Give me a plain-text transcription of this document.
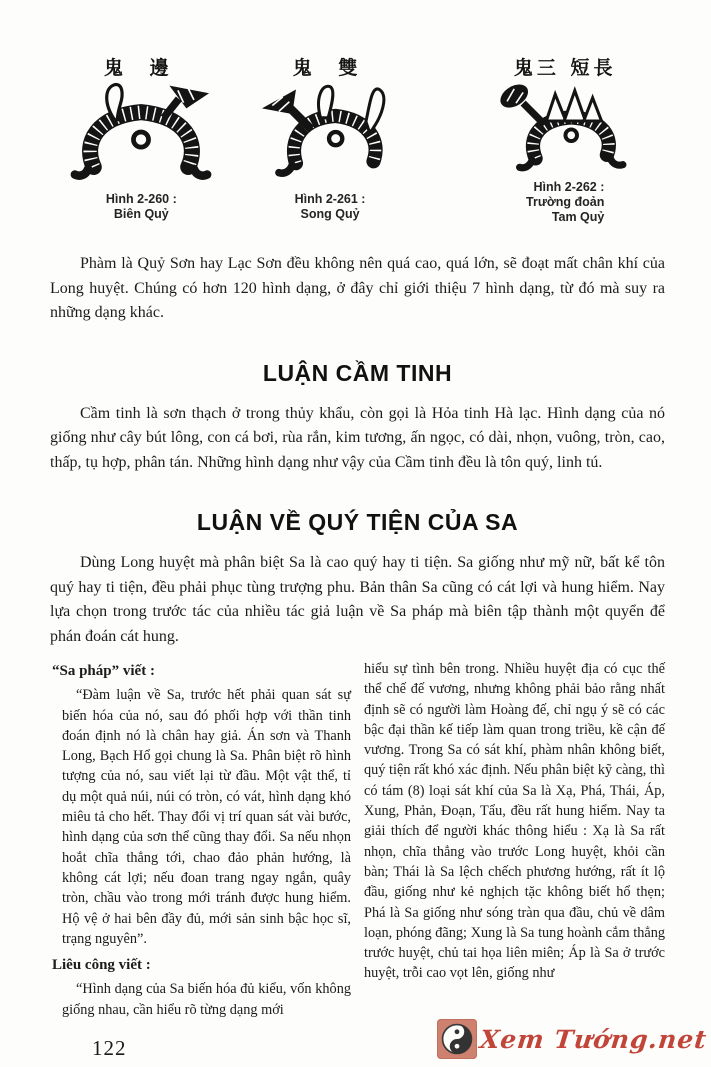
鬼 邊
Hình 2-260 :
Biên Quỷ
鬼 雙
Hình 2-261 :
Song Quỷ
鬼三 短長
Hình 2-262 :
Trường đoản
Tam Quỷ

Phàm là Quỷ Sơn hay Lạc Sơn đều không nên quá cao, quá lớn, sẽ đoạt mất chân khí của Long huyệt. Chúng có hơn 120 hình dạng, ở đây chỉ giới thiệu 7 hình dạng, từ đó mà suy ra những dạng khác.

LUẬN CẦM TINH

Cầm tinh là sơn thạch ở trong thủy khẩu, còn gọi là Hỏa tinh Hà lạc. Hình dạng của nó giống như cây bút lông, con cá bơi, rùa rắn, kim tương, ấn ngọc, có dài, nhọn, vuông, tròn, cao, thấp, tụ hợp, phân tán. Những hình dạng như vậy của Cầm tinh đều là tôn quý, linh tú.

LUẬN VỀ QUÝ TIỆN CỦA SA

Dùng Long huyệt mà phân biệt Sa là cao quý hay ti tiện. Sa giống như mỹ nữ, bất kể tôn quý hay ti tiện, đều phải phục tùng trượng phu. Bản thân Sa cũng có cát lợi và hung hiểm. Nay lựa chọn trong trước tác của nhiều tác giả luận về Sa pháp mà biên tập thành một quyển để phán đoán cát hung.

“Sa pháp” viết :

“Đàm luận về Sa, trước hết phải quan sát sự biến hóa của nó, sau đó phối hợp với thần tinh đoán định nó là chân hay giả. Án sơn và Thanh Long, Bạch Hổ gọi chung là Sa. Phân biệt rõ hình tượng của nó, sau viết lại từ đầu. Một vật thể, tỉ dụ một quả núi, núi có tròn, có vát, hình dạng khó miêu tả cho hết. Thay đổi vị trí quan sát vài bước, hình dạng của sơn thể cũng thay đổi. Sa nếu nhọn hoắt chĩa thẳng tới, chao đảo phản hướng, là không cát lợi; nếu đoan trang ngay ngắn, quây tròn, chầu vào trong mới tránh được hung hiểm. Hộ vệ ở hai bên đầy đủ, mới sản sinh bậc học sĩ, trạng nguyên”.

Liêu công viết :

“Hình dạng của Sa biến hóa đủ kiểu, vốn không giống nhau, cần hiểu rõ từng dạng mới

hiểu sự tình bên trong. Nhiều huyệt địa có cục thế thể chế đế vương, nhưng không phải bảo rằng nhất định sẽ có người làm Hoàng đế, chỉ ngụ ý sẽ có các bậc đại thần kế tiếp làm quan trong triều, kề cận đế vương. Trong Sa có sát khí, phàm nhân không biết, quý tiện rất khó xác định. Nếu phân biệt kỹ càng, thì có tám (8) loại sát khí của Sa là Xạ, Phá, Thái, Áp, Xung, Phản, Đoạn, Tẩu, đều rất hung hiểm. Nay ta giải thích để người khác thông hiểu : Xạ là Sa rất nhọn, chĩa thẳng vào trước Long huyệt, khỏi cần bàn; Thái là Sa lệch chếch phương hướng, rất ít lộ đầu, giống như kẻ nghịch tặc không biết hổ thẹn; Phá là Sa giống như sóng tràn qua đầu, chủ về dâm loạn, phóng đãng; Xung là Sa tung hoành cắm thẳng trước huyệt, chủ tai họa liên miên; Áp là Sa ở trước huyệt, trỗi cao vọt lên, giống như

122	Xem Tướng.net
